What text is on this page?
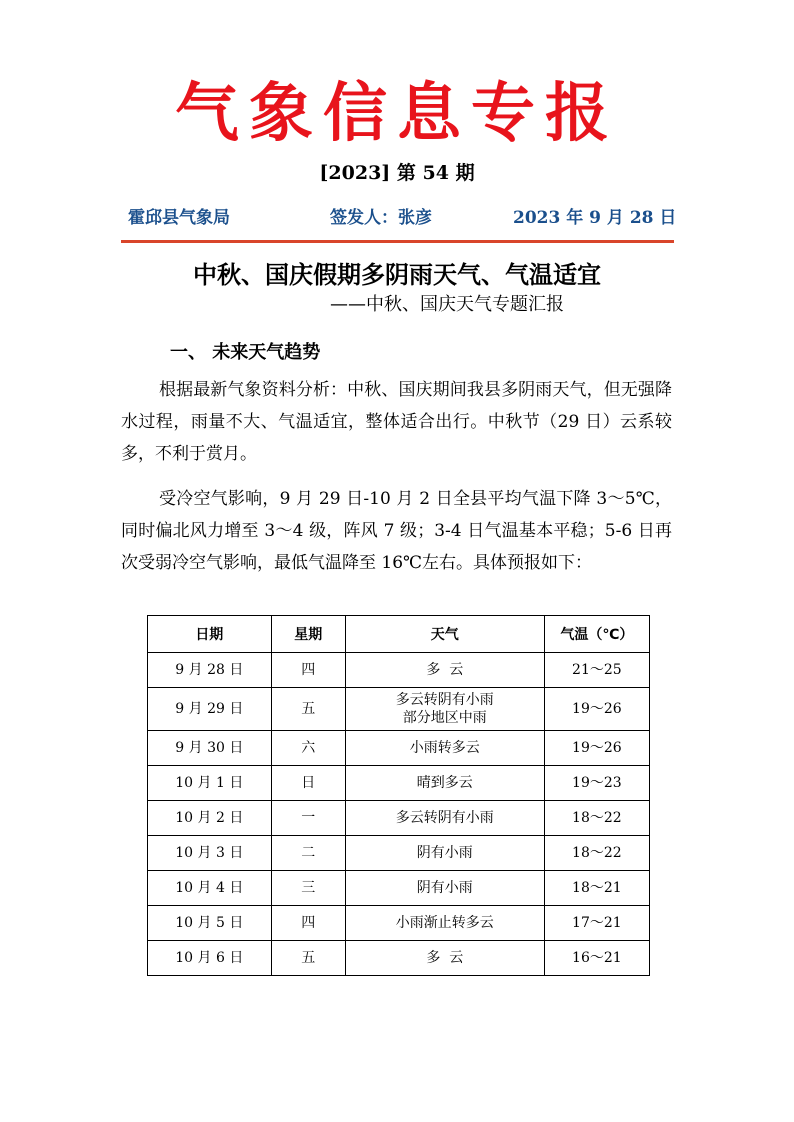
气象信息专报
[2023] 第 54 期
霍邱县气象局	签发人：张彦	2023 年 9 月 28 日
中秋、国庆假期多阴雨天气、气温适宜
——中秋、国庆天气专题汇报
一、 未来天气趋势

根据最新气象资料分析：中秋、国庆期间我县多阴雨天气，但无强降水过程，雨量不大、气温适宜，整体适合出行。中秋节（29 日）云系较多，不利于赏月。

受冷空气影响，9 月 29 日-10 月 2 日全县平均气温下降 3～5℃，同时偏北风力增至 3～4 级，阵风 7 级；3-4 日气温基本平稳；5-6 日再次受弱冷空气影响，最低气温降至 16℃左右。具体预报如下：

日期	星期	天气	气温（℃）
9 月 28 日	四	多  云	21～25
9 月 29 日	五	多云转阴有小雨
部分地区中雨	19～26
9 月 30 日	六	小雨转多云	19～26
10 月 1 日	日	晴到多云	19～23
10 月 2 日	一	多云转阴有小雨	18～22
10 月 3 日	二	阴有小雨	18～22
10 月 4 日	三	阴有小雨	18～21
10 月 5 日	四	小雨渐止转多云	17～21
10 月 6 日	五	多  云	16～21
